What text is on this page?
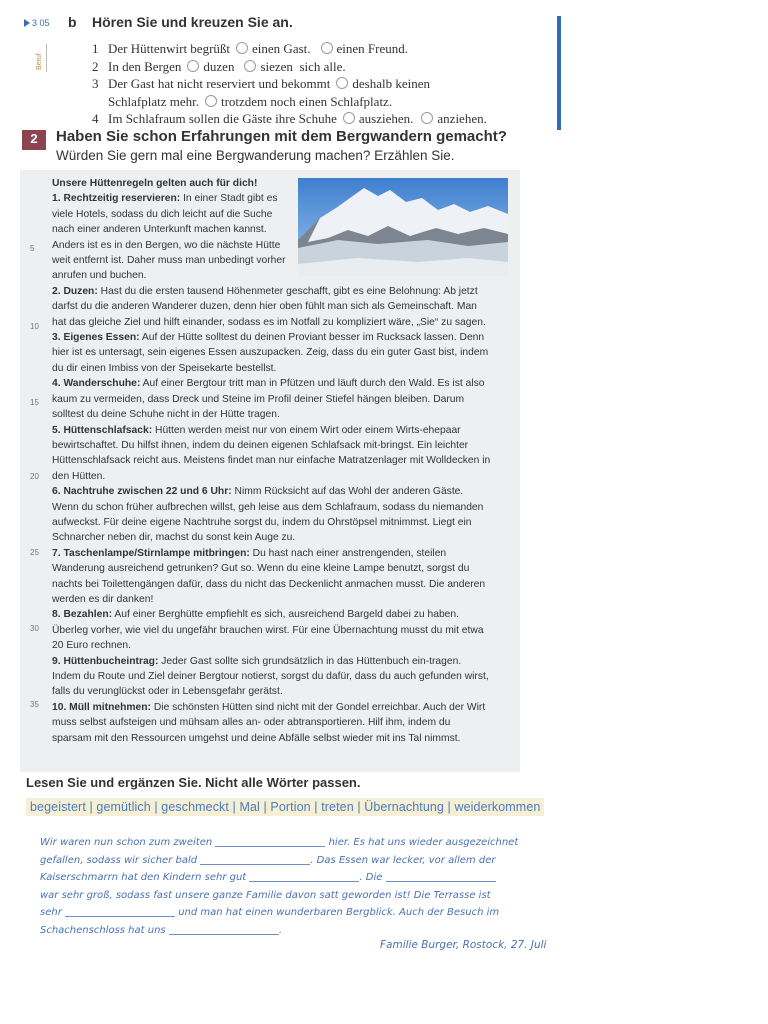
3 05
Beruf
b Hören Sie und kreuzen Sie an.
1 Der Hüttenwirt begrüßt einen Gast. einen Freund.
2 In den Bergen duzen siezen sich alle.
3 Der Gast hat nicht reserviert und bekommt deshalb keinen
Schlafplatz mehr. trotzdem noch einen Schlafplatz.
4 Im Schlafraum sollen die Gäste ihre Schuhe ausziehen. anziehen.
2	Haben Sie schon Erfahrungen mit dem Bergwandern gemacht?
Würden Sie gern mal eine Bergwanderung machen? Erzählen Sie.
5
10
15
20
25
30
35

Unsere Hüttenregeln gelten auch für dich!

1. Rechtzeitig reservieren: In einer Stadt gibt es viele Hotels, sodass du dich leicht auf die Suche nach einer anderen Unterkunft machen kannst. Anders ist es in den Bergen, wo die nächste Hütte weit entfernt ist. Daher muss man unbedingt vorher anrufen und buchen.

2. Duzen: Hast du die ersten tausend Höhenmeter geschafft, gibt es eine Belohnung: Ab jetzt darfst du die anderen Wanderer duzen, denn hier oben fühlt man sich als Gemeinschaft. Man hat das gleiche Ziel und hilft einander, sodass es im Notfall zu kompliziert wäre, „Sie“ zu sagen.

3. Eigenes Essen: Auf der Hütte solltest du deinen Proviant besser im Rucksack lassen. Denn hier ist es untersagt, sein eigenes Essen auszupacken. Zeig, dass du ein guter Gast bist, indem du dir einen Imbiss von der Speisekarte bestellst.

4. Wanderschuhe: Auf einer Bergtour tritt man in Pfützen und läuft durch den Wald. Es ist also kaum zu vermeiden, dass Dreck und Steine im Profil deiner Stiefel hängen bleiben. Darum solltest du deine Schuhe nicht in der Hütte tragen.

5. Hüttenschlafsack: Hütten werden meist nur von einem Wirt oder einem Wirts-ehepaar bewirtschaftet. Du hilfst ihnen, indem du deinen eigenen Schlafsack mit-bringst. Ein leichter Hüttenschlafsack reicht aus. Meistens findet man nur einfache Matratzenlager mit Wolldecken in den Hütten.

6. Nachtruhe zwischen 22 und 6 Uhr: Nimm Rücksicht auf das Wohl der anderen Gäste. Wenn du schon früher aufbrechen willst, geh leise aus dem Schlafraum, sodass du niemanden aufweckst. Für deine eigene Nachtruhe sorgst du, indem du Ohrstöpsel mitnimmst. Liegt ein Schnarcher neben dir, machst du sonst kein Auge zu.

7. Taschenlampe/Stirnlampe mitbringen: Du hast nach einer anstrengenden, steilen Wanderung ausreichend getrunken? Gut so. Wenn du eine kleine Lampe benutzt, sorgst du nachts bei Toilettengängen dafür, dass du nicht das Deckenlicht anmachen musst. Die anderen werden es dir danken!

8. Bezahlen: Auf einer Berghütte empfiehlt es sich, ausreichend Bargeld dabei zu haben. Überleg vorher, wie viel du ungefähr brauchen wirst. Für eine Übernachtung musst du mit etwa 20 Euro rechnen.

9. Hüttenbucheintrag: Jeder Gast sollte sich grundsätzlich in das Hüttenbuch ein-tragen. Indem du Route und Ziel deiner Bergtour notierst, sorgst du dafür, dass du auch gefunden wirst, falls du verunglückst oder in Lebensgefahr gerätst.

10. Müll mitnehmen: Die schönsten Hütten sind nicht mit der Gondel erreichbar. Auch der Wirt muss selbst aufsteigen und mühsam alles an- oder abtransportieren. Hilf ihm, indem du sparsam mit den Ressourcen umgehst und deine Abfälle selbst wieder mit ins Tal nimmst.

Lesen Sie und ergänzen Sie. Nicht alle Wörter passen.
begeistert | gemütlich | geschmeckt | Mal | Portion | treten | Übernachtung | weiderkommen
Wir waren nun schon zum zweiten	hier. Es hat uns wieder ausgezeichnet
gefallen, sodass wir sicher bald	. Das Essen war lecker, vor allem der
Kaiserschmarrn hat den Kindern sehr gut	. Die
war sehr groß, sodass fast unsere ganze Familie davon satt geworden ist! Die Terrasse ist
sehr	und man hat einen wunderbaren Bergblick. Auch der Besuch im
Schachenschloss hat uns	.
Familie Burger, Rostock, 27. Juli
